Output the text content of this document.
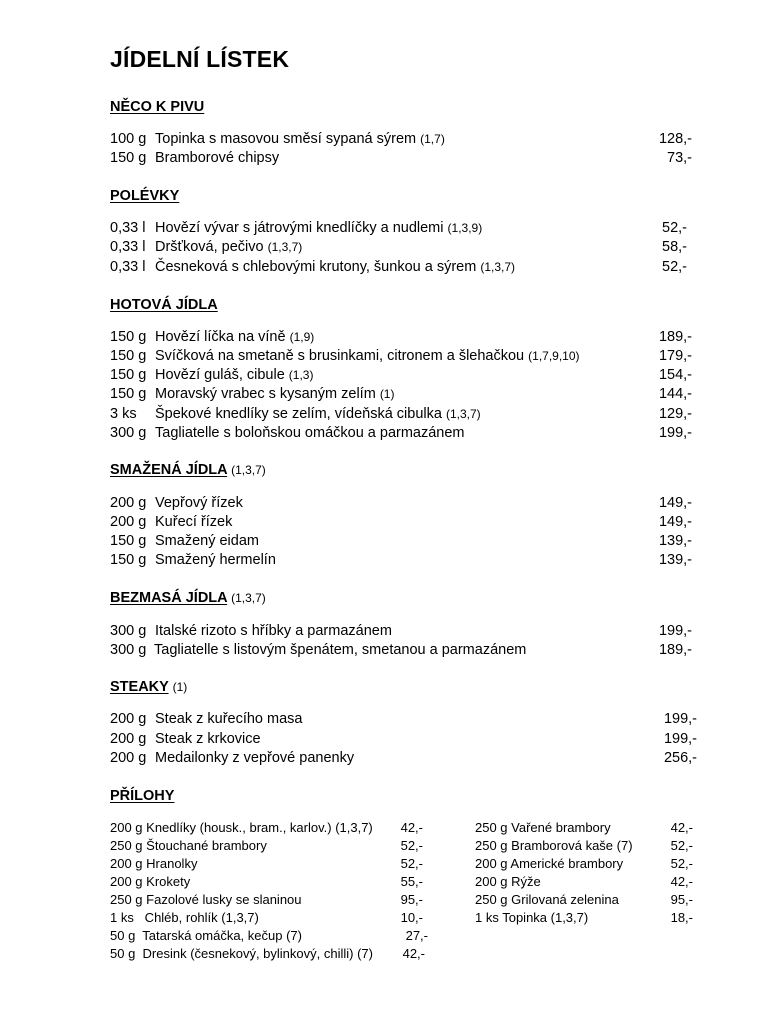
JÍDELNÍ LÍSTEK
NĚCO K PIVU
100 g Topinka s masovou směsí sypaná sýrem (1,7)	128,-
150 g Bramborové chipsy	73,-
POLÉVKY
0,33 l Hovězí vývar s játrovými knedlíčky a nudlemi (1,3,9)	52,-
0,33 l Dršťková, pečivo (1,3,7)	58,-
0,33 l Česneková s chlebovými krutony, šunkou a sýrem (1,3,7)	52,-
HOTOVÁ JÍDLA
150 g Hovězí líčka na víně (1,9)	189,-
150 g Svíčková na smetaně s brusinkami, citronem a šlehačkou (1,7,9,10)	179,-
150 g Hovězí guláš, cibule (1,3)	154,-
150 g Moravský vrabec s kysaným zelím (1)	144,-
3 ks Špekové knedlíky se zelím, vídeňská cibulka (1,3,7)	129,-
300 g Tagliatelle s boloňskou omáčkou a parmazánem	199,-
SMAŽENÁ JÍDLA (1,3,7)
200 g Vepřový řízek	149,-
200 g Kuřecí řízek	149,-
150 g Smažený eidam	139,-
150 g Smažený hermelín	139,-
BEZMASÁ JÍDLA (1,3,7)
300 g Italské rizoto s hříbky a parmazánem	199,-
300 g Tagliatelle s listovým špenátem, smetanou a parmazánem	189,-
STEAKY (1)
200 g Steak z kuřecího masa	199,-
200 g Steak z krkovice	199,-
200 g Medailonky z vepřové panenky	256,-
PŘÍLOHY
200 g Knedlíky (housk., bram., karlov.) (1,3,7)	42,-
250 g Štouchané brambory	52,-
200 g Hranolky	52,-
200 g Krokety	55,-
250 g Fazolové lusky se slaninou	95,-
1 ks   Chléb, rohlík (1,3,7)	10,-
50 g  Tatarská omáčka, kečup (7)	27,-
50 g  Dresink (česnekový, bylinkový, chilli) (7)	42,-
250 g Vařené brambory	42,-
250 g Bramborová kaše (7)	52,-
200 g Americké brambory	52,-
200 g Rýže	42,-
250 g Grilovaná zelenina	95,-
1 ks Topinka (1,3,7)	18,-
